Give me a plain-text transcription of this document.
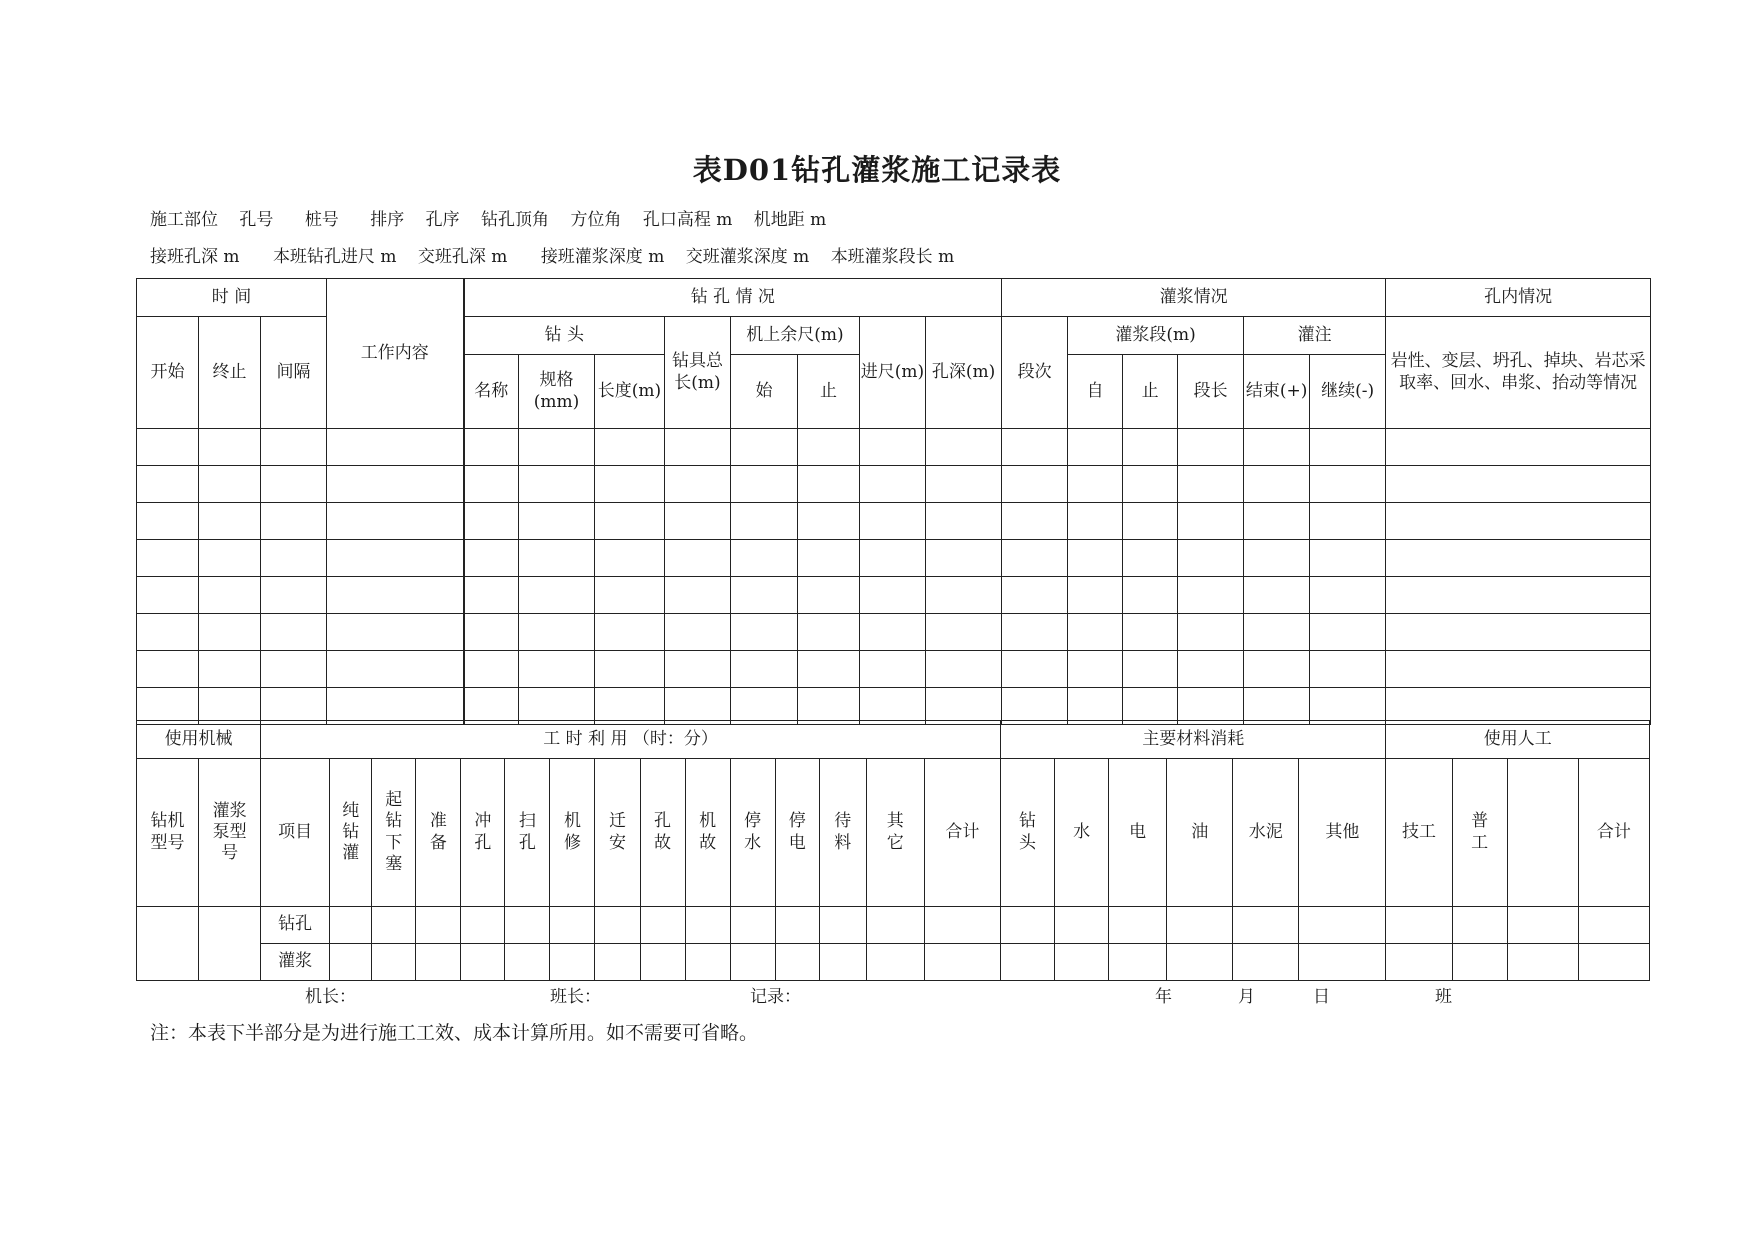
表D01钻孔灌浆施工记录表
施工部位 孔号 桩号 排序 孔序 钻孔顶角 方位角 孔口高程 m 机地距 m
接班孔深 m 本班钻孔进尺 m 交班孔深 m 接班灌浆深度 m 交班灌浆深度 m 本班灌浆段长 m
时 间			工作内容	钻 孔 情 况								灌浆情况						孔内情况
开始	终止	间隔		钻 头			钻具总长(m)	机上余尺(m)		进尺(m)	孔深(m)	段次	灌浆段(m)			灌注		岩性、变层、坍孔、掉块、岩芯采取率、回水、串浆、抬动等情况
				名称	规格(mm)	长度(m)		始	止				自	止	段长	结束(+)	继续(-)	

使用机械		工 时 利 用 （时：分）															主要材料消耗						使用人工			
钻机型号	灌浆泵型号	项目	纯钻灌	起钻下塞	准备	冲孔	扫孔	机修	迁安	孔故	机故	停水	停电	待料	其它	合计	钻头	水	电	油	水泥	其他	技工	普工		合计
		钻孔																								
		灌浆																								
机长：	班长：	记录：	年	月	日	班
注：本表下半部分是为进行施工工效、成本计算所用。如不需要可省略。
